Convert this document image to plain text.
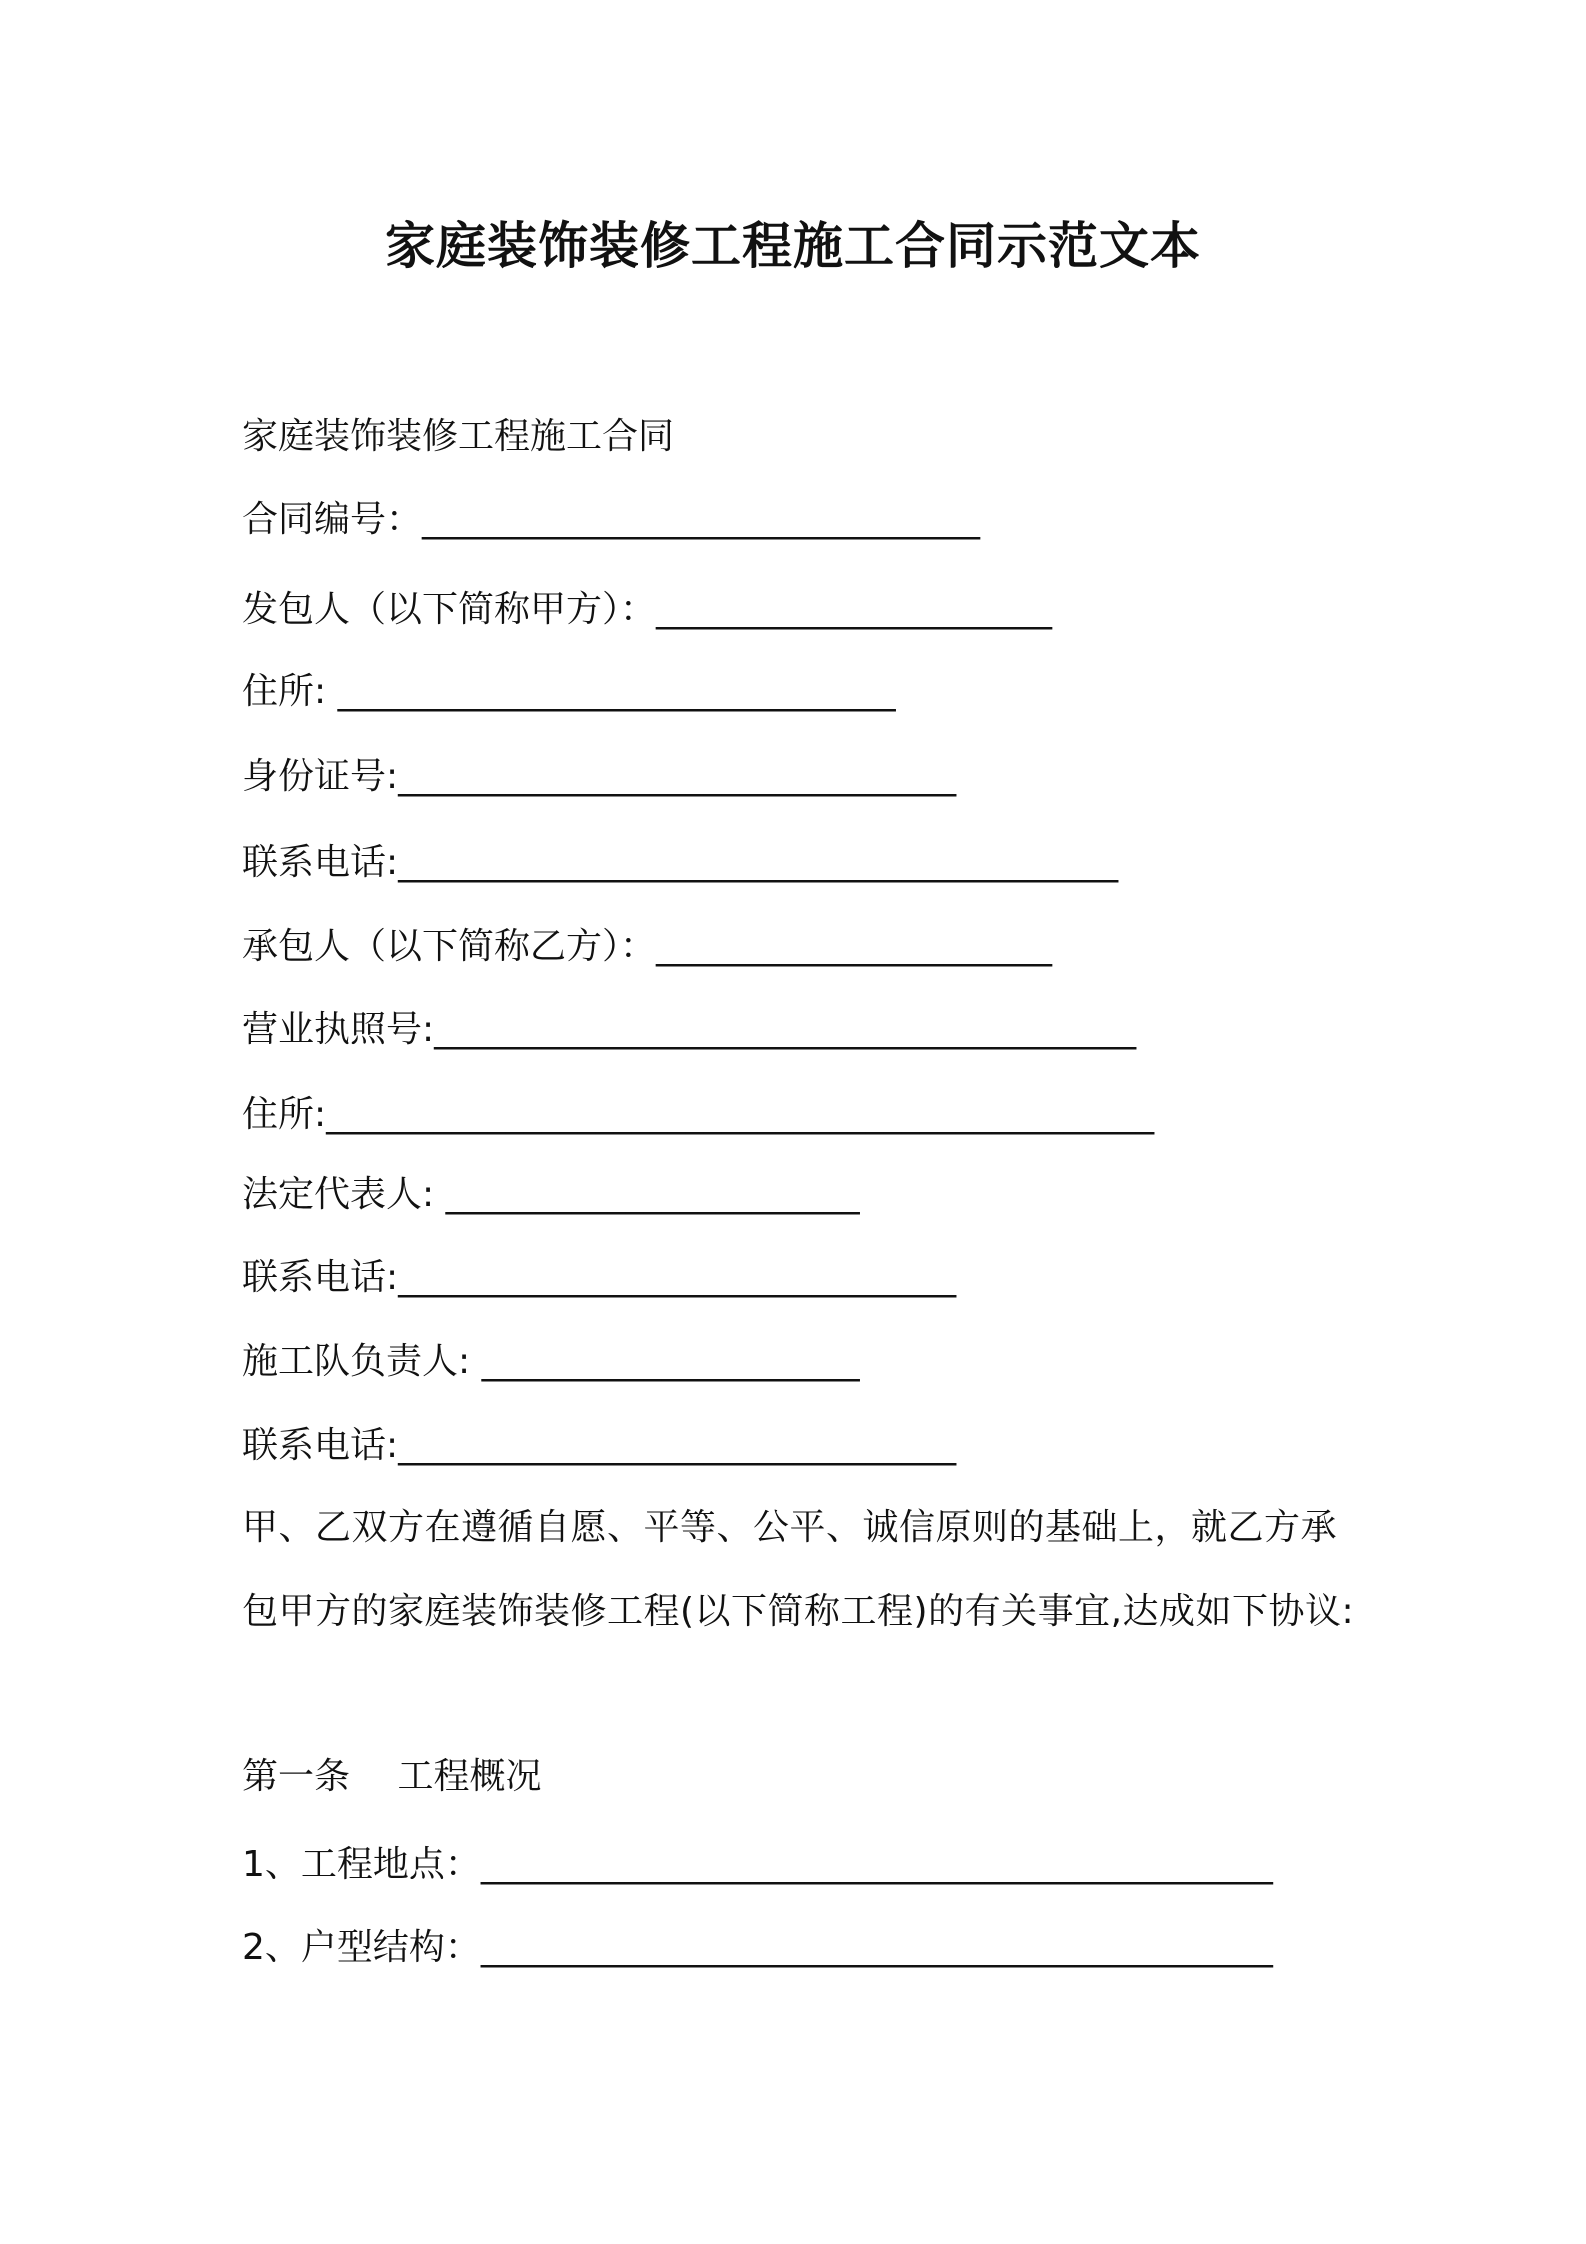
家庭装饰装修工程施工合同示范文本
家庭装饰装修工程施工合同
合同编号：_______________________________
发包人（以下简称甲方）：______________________
住所: _______________________________
身份证号:_______________________________
联系电话:________________________________________
承包人（以下简称乙方）：______________________
营业执照号:_______________________________________
住所:______________________________________________
法定代表人: _______________________
联系电话:_______________________________
施工队负责人: _____________________
联系电话:_______________________________
甲、乙双方在遵循自愿、平等、公平、诚信原则的基础上，就乙方承包甲方的家庭装饰装修工程(以下简称工程)的有关事宜,达成如下协议:
第一条　 工程概况
1、工程地点：____________________________________________
2、户型结构：____________________________________________
